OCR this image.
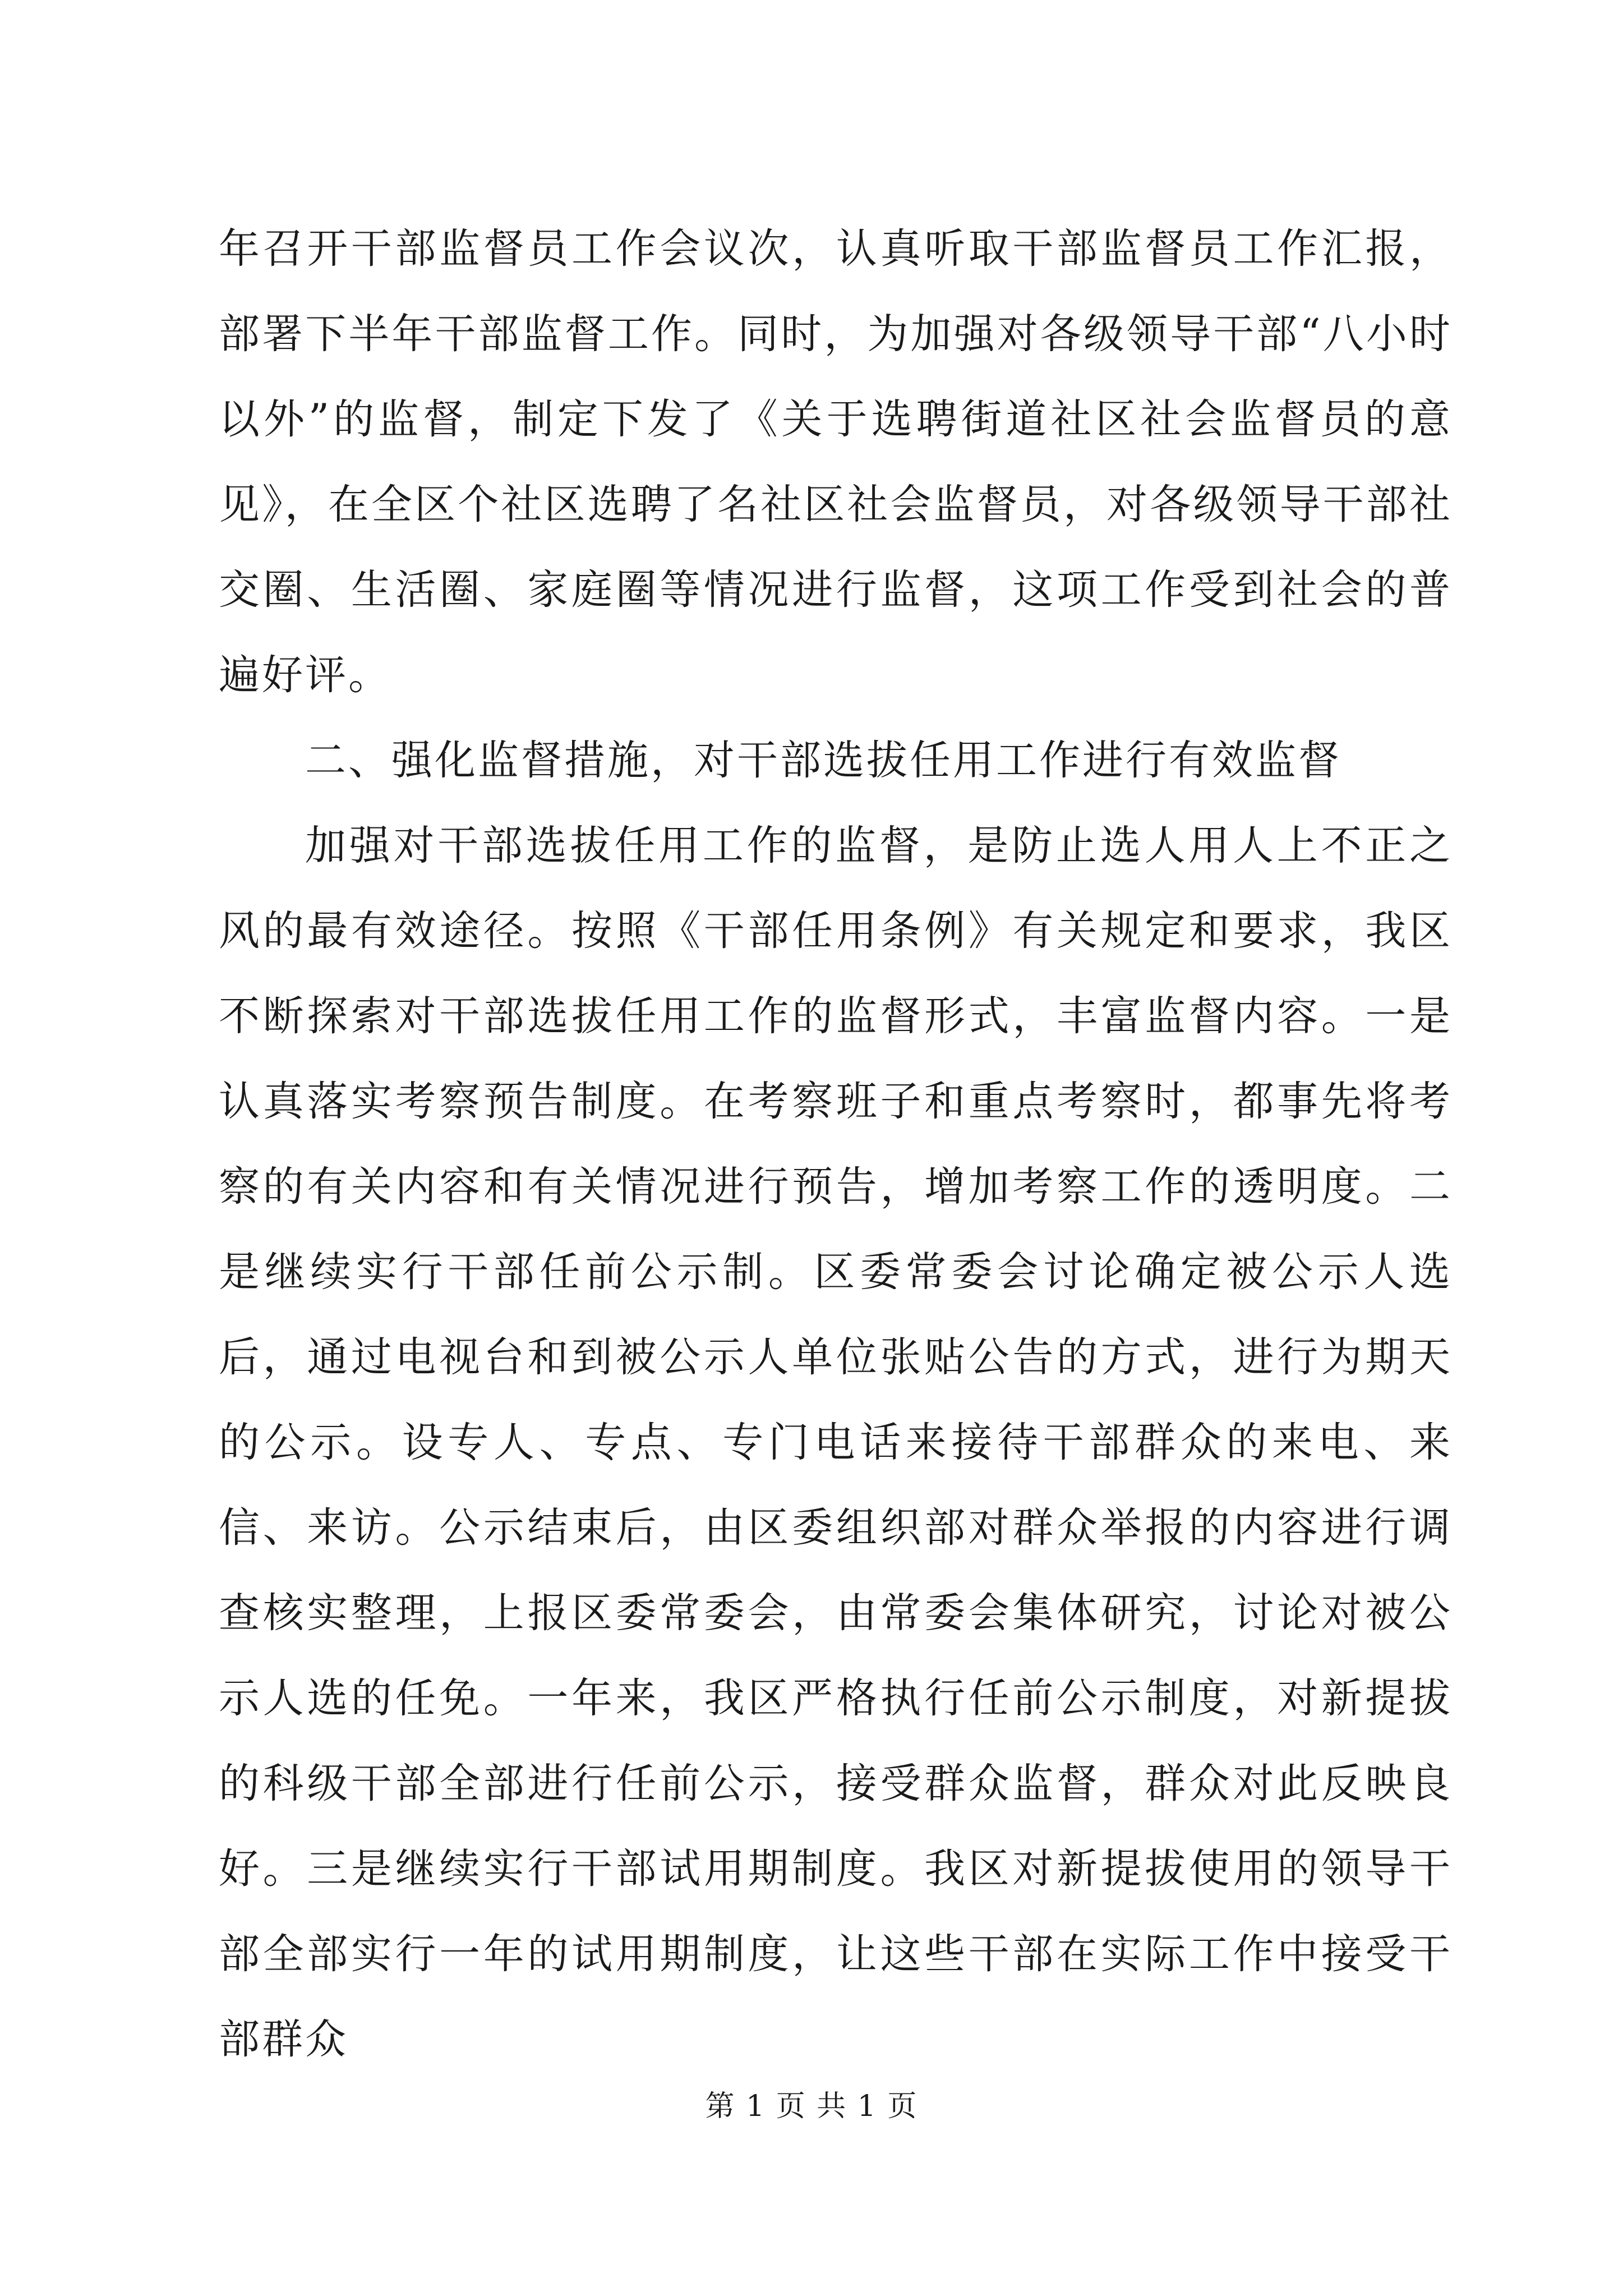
年召开干部监督员工作会议次，认真听取干部监督员工作汇报，部署下半年干部监督工作。同时，为加强对各级领导干部“八小时以外”的监督，制定下发了《关于选聘街道社区社会监督员的意见》，在全区个社区选聘了名社区社会监督员，对各级领导干部社交圈、生活圈、家庭圈等情况进行监督，这项工作受到社会的普遍好评。

二、强化监督措施，对干部选拔任用工作进行有效监督

加强对干部选拔任用工作的监督，是防止选人用人上不正之风的最有效途径。按照《干部任用条例》有关规定和要求，我区不断探索对干部选拔任用工作的监督形式，丰富监督内容。一是认真落实考察预告制度。在考察班子和重点考察时，都事先将考察的有关内容和有关情况进行预告，增加考察工作的透明度。二是继续实行干部任前公示制。区委常委会讨论确定被公示人选后，通过电视台和到被公示人单位张贴公告的方式，进行为期天的公示。设专人、专点、专门电话来接待干部群众的来电、来信、来访。公示结束后，由区委组织部对群众举报的内容进行调查核实整理，上报区委常委会，由常委会集体研究，讨论对被公示人选的任免。一年来，我区严格执行任前公示制度，对新提拔的科级干部全部进行任前公示，接受群众监督，群众对此反映良好。三是继续实行干部试用期制度。我区对新提拔使用的领导干部全部实行一年的试用期制度，让这些干部在实际工作中接受干部群众

第 1 页 共 1 页
